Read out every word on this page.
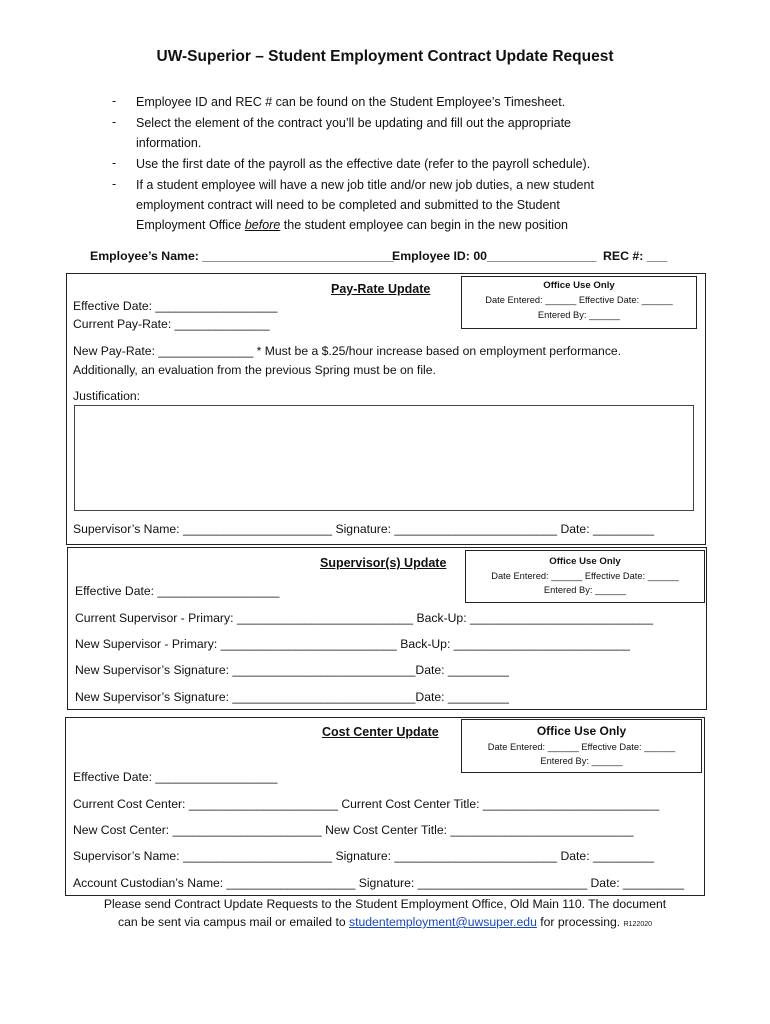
UW-Superior – Student Employment Contract Update Request
- Employee ID and REC # can be found on the Student Employee’s Timesheet.
- Select the element of the contract you’ll be updating and fill out the appropriate
information.
- Use the first date of the payroll as the effective date (refer to the payroll schedule).
- If a student employee will have a new job title and/or new job duties, a new student
employment contract will need to be completed and submitted to the Student
Employment Office before the student employee can begin in the new position
Employee’s Name: ____________________________
Employee ID: 00________________ REC #: ___
Pay-Rate Update	Office Use Only
Date Entered: ______ Effective Date: ______
Entered By: ______
Effective Date: __________________
Current Pay-Rate: ______________
New Pay-Rate: ______________ * Must be a $.25/hour increase based on employment performance.
Additionally, an evaluation from the previous Spring must be on file.
Justification:
Supervisor’s Name: ______________________ Signature: ________________________ Date: _________
Supervisor(s) Update	Office Use Only
Date Entered: ______ Effective Date: ______
Entered By: ______
Effective Date: __________________
Current Supervisor - Primary: __________________________ Back-Up: ___________________________
New Supervisor - Primary: __________________________ Back-Up: __________________________
New Supervisor’s Signature: ___________________________Date: _________
New Supervisor’s Signature: ___________________________Date: _________
Cost Center Update	Office Use Only
Date Entered: ______ Effective Date: ______
Entered By: ______
Effective Date: __________________
Current Cost Center: ______________________ Current Cost Center Title: __________________________
New Cost Center: ______________________ New Cost Center Title: ___________________________
Supervisor’s Name: ______________________ Signature: ________________________ Date: _________
Account Custodian’s Name: ___________________ Signature: _________________________ Date: _________
Please send Contract Update Requests to the Student Employment Office, Old Main 110. The document
can be sent via campus mail or emailed to studentemployment@uwsuper.edu for processing. R122020
